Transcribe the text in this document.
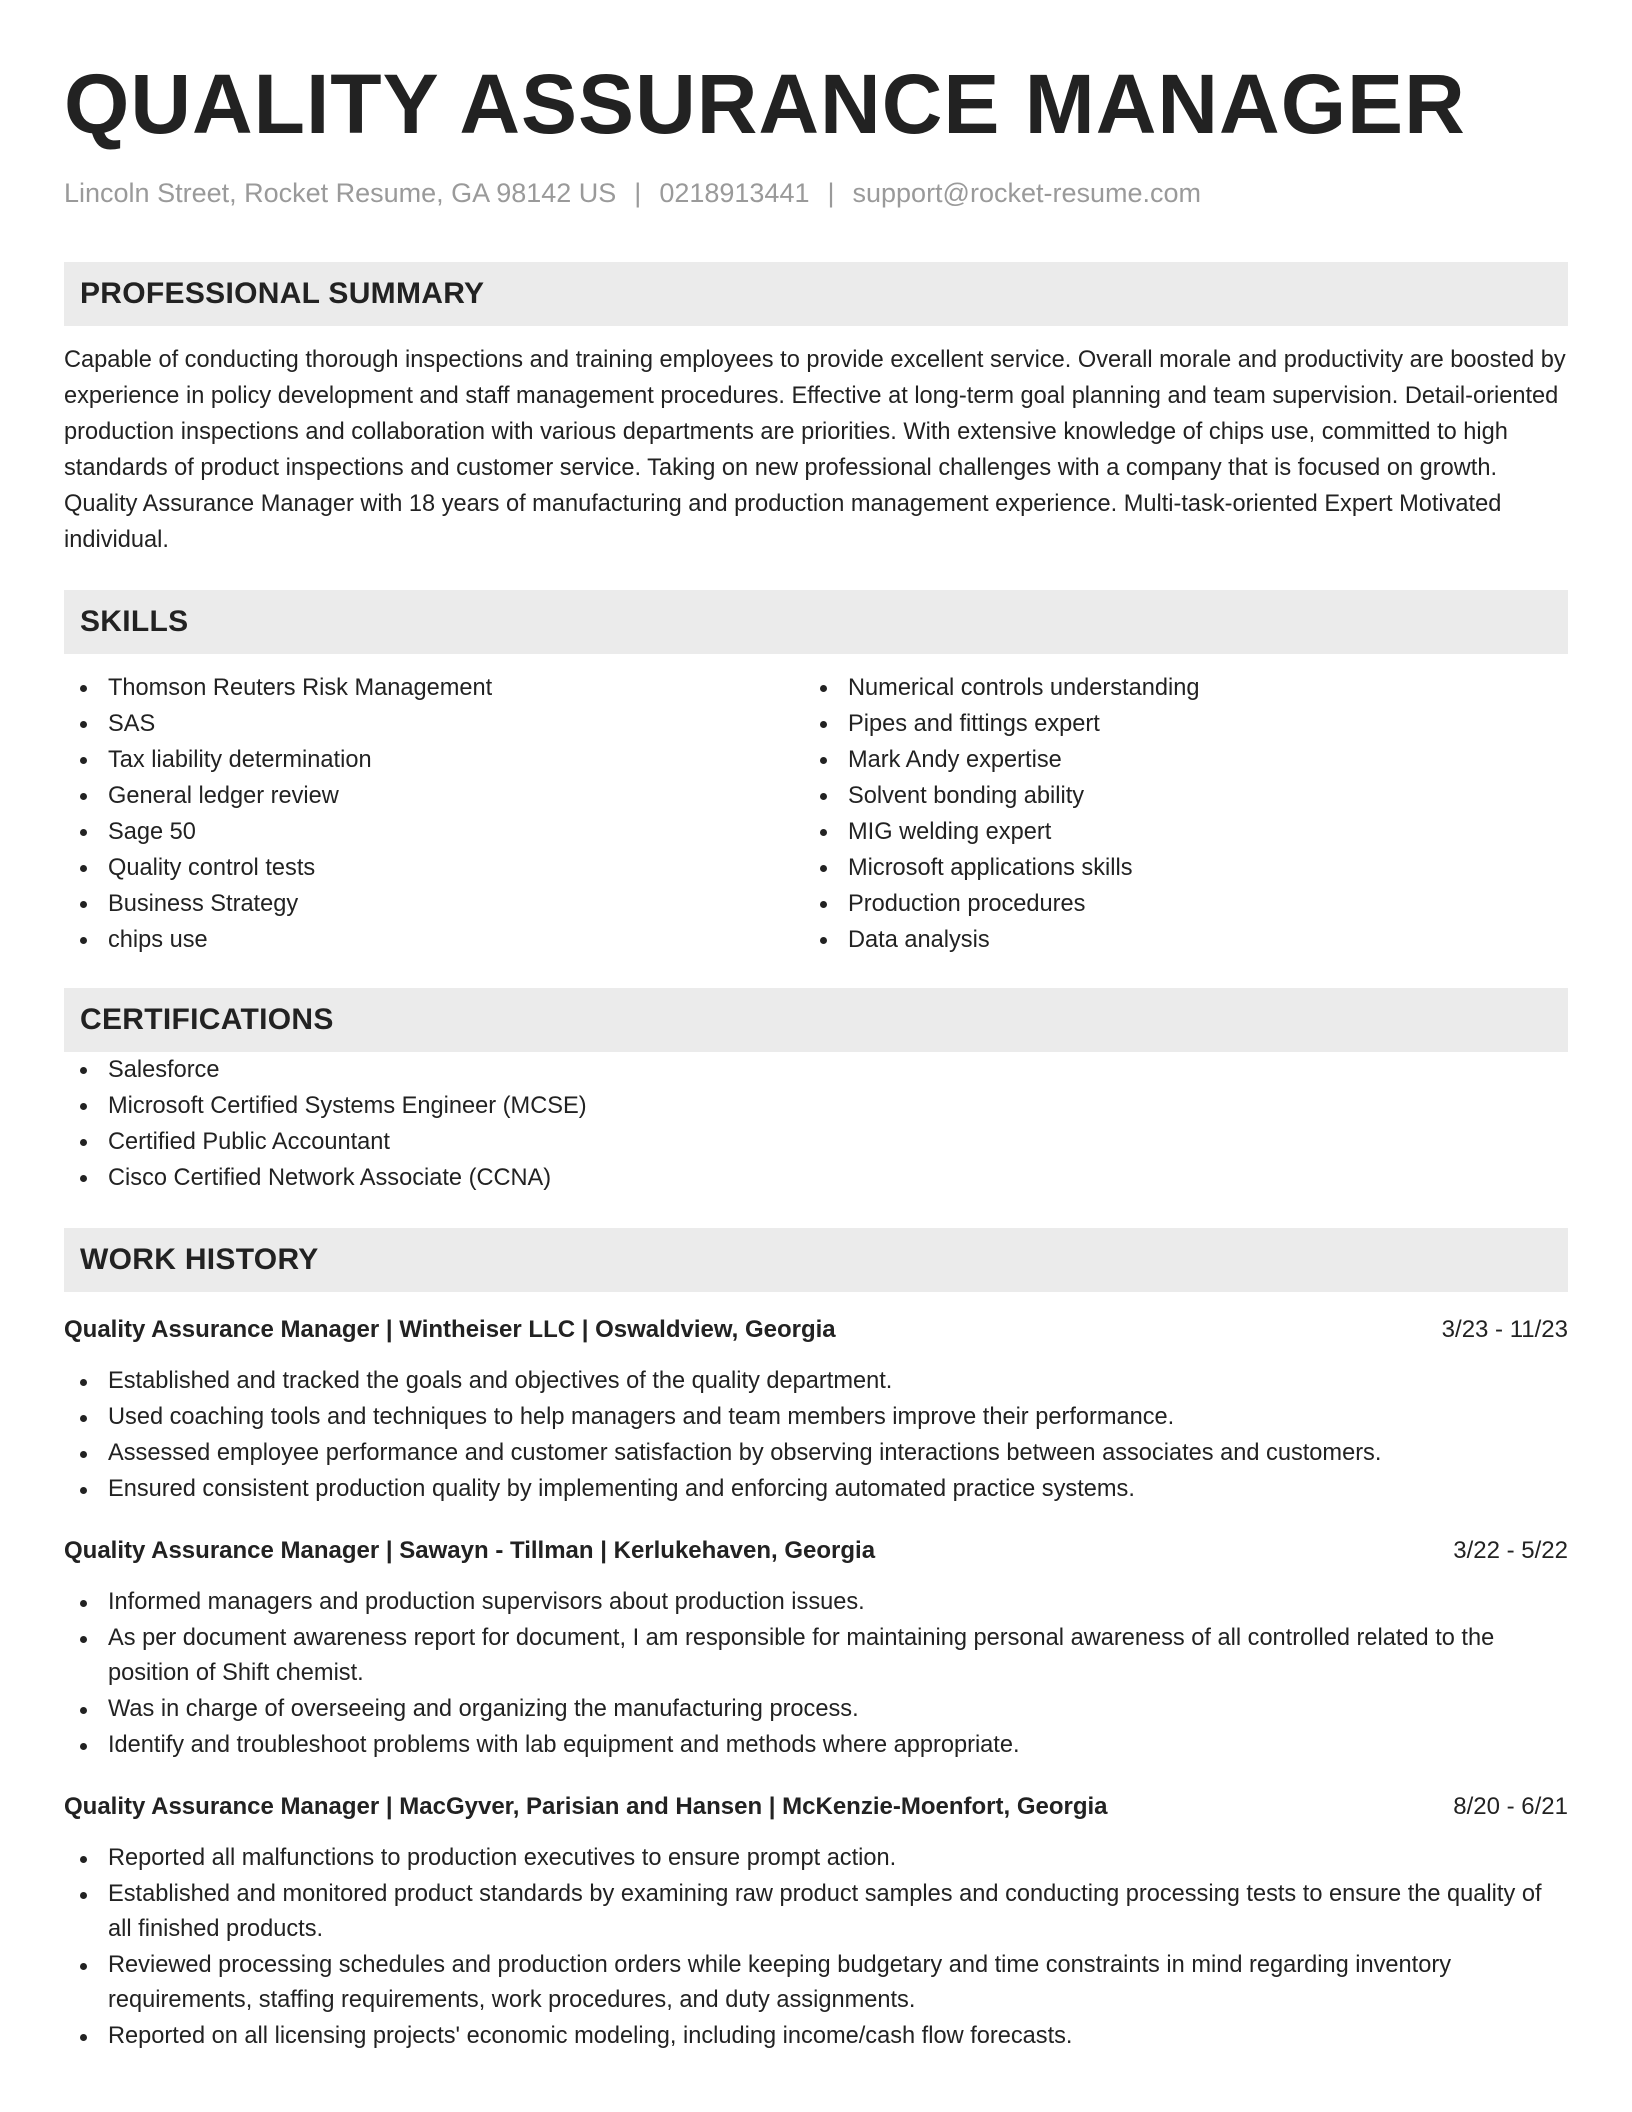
QUALITY ASSURANCE MANAGER
Lincoln Street, Rocket Resume, GA 98142 US | 0218913441 | support@rocket-resume.com
PROFESSIONAL SUMMARY

Capable of conducting thorough inspections and training employees to provide excellent service. Overall morale and productivity are boosted by experience in policy development and staff management procedures. Effective at long-term goal planning and team supervision. Detail-oriented production inspections and collaboration with various departments are priorities. With extensive knowledge of chips use, committed to high standards of product inspections and customer service. Taking on new professional challenges with a company that is focused on growth. Quality Assurance Manager with 18 years of manufacturing and production management experience. Multi-task-oriented Expert Motivated individual.

SKILLS
Thomson Reuters Risk Management
SAS
Tax liability determination
General ledger review
Sage 50
Quality control tests
Business Strategy
chips use
Numerical controls understanding
Pipes and fittings expert
Mark Andy expertise
Solvent bonding ability
MIG welding expert
Microsoft applications skills
Production procedures
Data analysis
CERTIFICATIONS
Salesforce
Microsoft Certified Systems Engineer (MCSE)
Certified Public Accountant
Cisco Certified Network Associate (CCNA)
WORK HISTORY
Quality Assurance Manager | Wintheiser LLC | Oswaldview, Georgia	3/23 - 11/23
Established and tracked the goals and objectives of the quality department.
Used coaching tools and techniques to help managers and team members improve their performance.
Assessed employee performance and customer satisfaction by observing interactions between associates and customers.
Ensured consistent production quality by implementing and enforcing automated practice systems.
Quality Assurance Manager | Sawayn - Tillman | Kerlukehaven, Georgia	3/22 - 5/22
Informed managers and production supervisors about production issues.
As per document awareness report for document, I am responsible for maintaining personal awareness of all controlled related to the position of Shift chemist.
Was in charge of overseeing and organizing the manufacturing process.
Identify and troubleshoot problems with lab equipment and methods where appropriate.
Quality Assurance Manager | MacGyver, Parisian and Hansen | McKenzie-Moenfort, Georgia	8/20 - 6/21
Reported all malfunctions to production executives to ensure prompt action.
Established and monitored product standards by examining raw product samples and conducting processing tests to ensure the quality of all finished products.
Reviewed processing schedules and production orders while keeping budgetary and time constraints in mind regarding inventory requirements, staffing requirements, work procedures, and duty assignments.
Reported on all licensing projects' economic modeling, including income/cash flow forecasts.
